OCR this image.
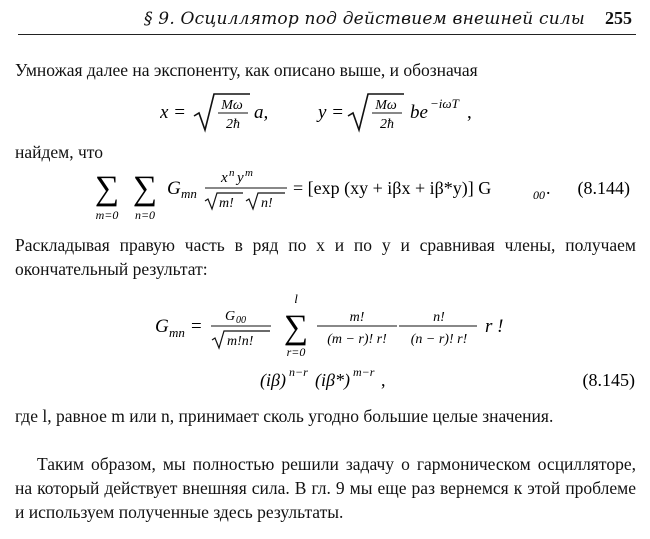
§ 9. Осциллятор под действием внешней силы 255
Умножая далее на экспоненту, как описано выше, и обозначая
x =	Mω
2ħ
a,	y = Mω
2ħ
be −iωT ,
найдем, что
∑
m=0
∑
n=0
G mn
x n y m
m! n!
= [exp (xy + iβx + iβ*y)] G	00 . (8.144)
Раскладывая правую часть в ряд по x и по y и сравнивая члены, получаем окончательный результат:
G mn = G 00
m!n!
l
∑
r=0
m!
(m − r)! r!
n!
(n − r)! r!
r !
(iβ) n−r (iβ*) m−r ,	(8.145)
где l, равное m или n, принимает сколь угодно большие целые значения.
Таким образом, мы полностью решили задачу о гармоническом осцилляторе, на который действует внешняя сила. В гл. 9 мы еще раз вернемся к этой проблеме и используем полученные здесь результаты.
